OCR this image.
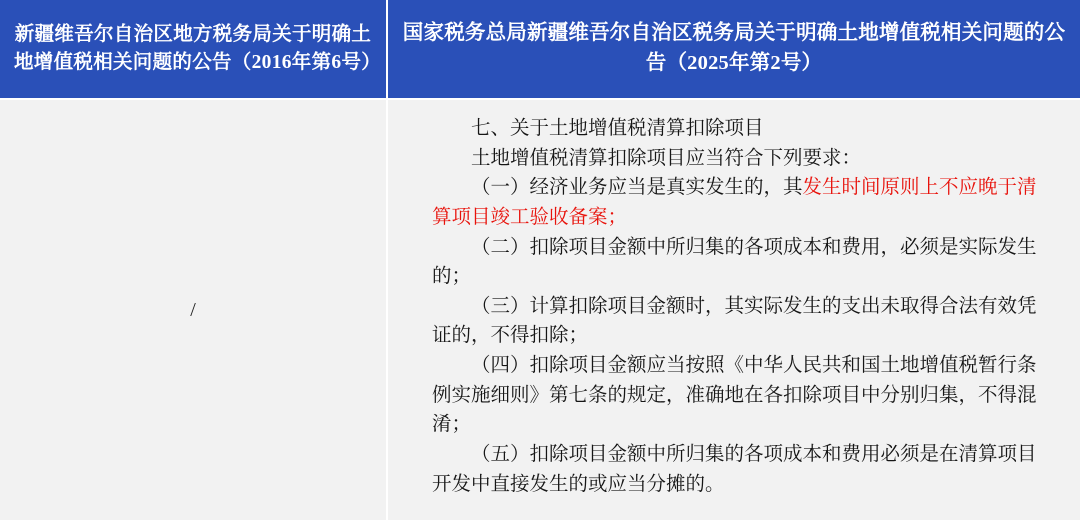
新疆维吾尔自治区地方税务局关于明确土地增值税相关问题的公告（2016年第6号）
国家税务总局新疆维吾尔自治区税务局关于明确土地增值税相关问题的公告（2025年第2号）
/

七、关于土地增值税清算扣除项目

土地增值税清算扣除项目应当符合下列要求：

（一）经济业务应当是真实发生的，其发生时间原则上不应晚于清算项目竣工验收备案；

（二）扣除项目金额中所归集的各项成本和费用，必须是实际发生的；

（三）计算扣除项目金额时，其实际发生的支出未取得合法有效凭证的，不得扣除；

（四）扣除项目金额应当按照《中华人民共和国土地增值税暂行条例实施细则》第七条的规定，准确地在各扣除项目中分别归集，不得混淆；

（五）扣除项目金额中所归集的各项成本和费用必须是在清算项目开发中直接发生的或应当分摊的。
